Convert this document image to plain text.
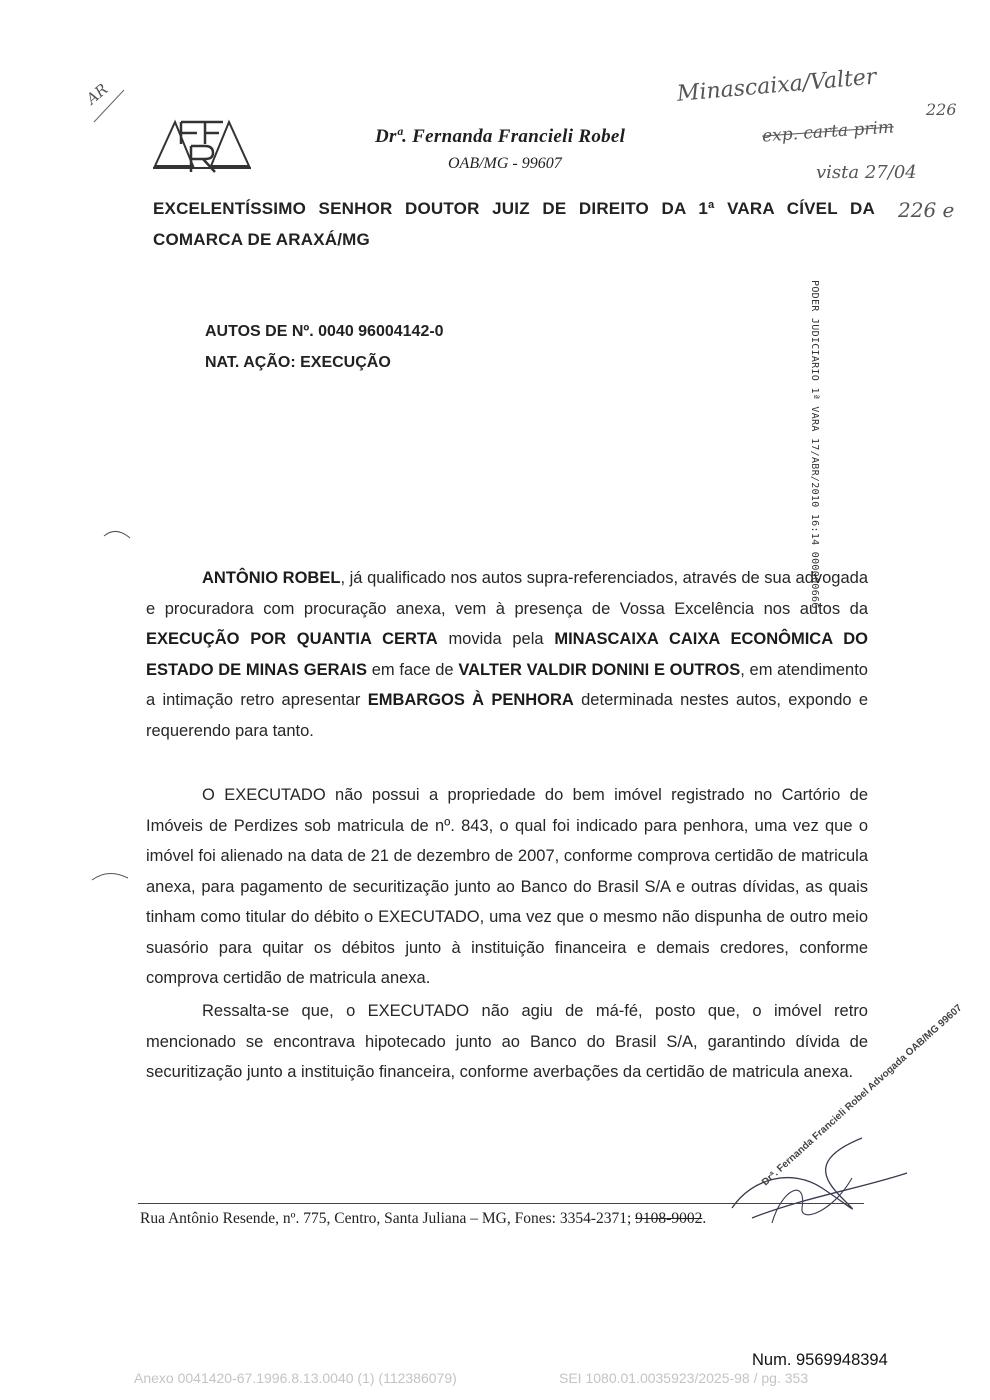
Drª. Fernanda Francieli Robel
OAB/MG - 99607
AR	Minascaixa/Valter
exp. carta prim
vista 27/04
226
226 e
EXCELENTÍSSIMO SENHOR DOUTOR JUIZ DE DIREITO DA 1ª VARA CÍVEL DA COMARCA DE ARAXÁ/MG
AUTOS DE Nº. 0040 96004142-0
NAT. AÇÃO: EXECUÇÃO	PODER JUDICIARIO 1ª VARA 17/ABR/2010 16:14 000000666
ANTÔNIO ROBEL, já qualificado nos autos supra-referenciados, através de sua advogada e procuradora com procuração anexa, vem à presença de Vossa Excelência nos autos da EXECUÇÃO POR QUANTIA CERTA movida pela MINASCAIXA CAIXA ECONÔMICA DO ESTADO DE MINAS GERAIS em face de VALTER VALDIR DONINI E OUTROS, em atendimento a intimação retro apresentar EMBARGOS À PENHORA determinada nestes autos, expondo e requerendo para tanto.
O EXECUTADO não possui a propriedade do bem imóvel registrado no Cartório de Imóveis de Perdizes sob matricula de nº. 843, o qual foi indicado para penhora, uma vez que o imóvel foi alienado na data de 21 de dezembro de 2007, conforme comprova certidão de matricula anexa, para pagamento de securitização junto ao Banco do Brasil S/A e outras dívidas, as quais tinham como titular do débito o EXECUTADO, uma vez que o mesmo não dispunha de outro meio suasório para quitar os débitos junto à instituição financeira e demais credores, conforme comprova certidão de matricula anexa.
Ressalta-se que, o EXECUTADO não agiu de má-fé, posto que, o imóvel retro mencionado se encontrava hipotecado junto ao Banco do Brasil S/A, garantindo dívida de securitização junto a instituição financeira, conforme averbações da certidão de matricula anexa.
Drª. Fernanda Francieli Robel Advogada OAB/MG 99607
Rua Antônio Resende, nº. 775, Centro, Santa Juliana – MG, Fones: 3354-2371; 9108-9002.
Num. 9569948394
Anexo 0041420-67.1996.8.13.0040 (1) (112386079)	SEI 1080.01.0035923/2025-98 / pg. 353
